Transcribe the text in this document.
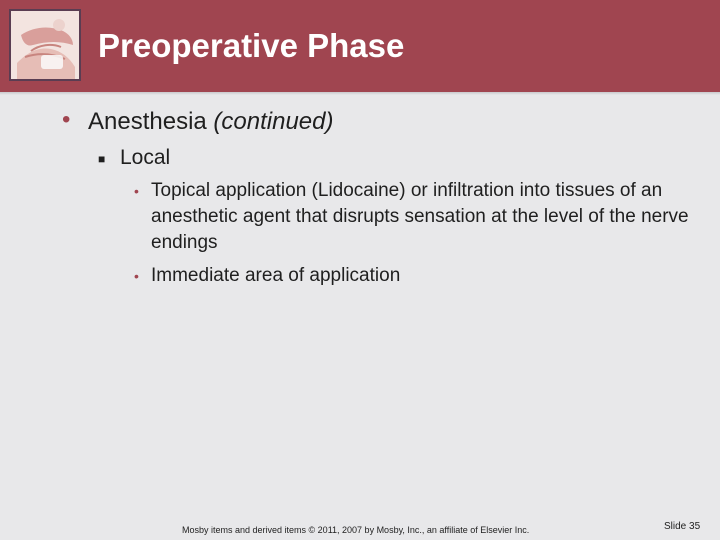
Preoperative Phase
• Anesthesia (continued)
■ Local
• Topical application (Lidocaine) or infiltration into tissues of an anesthetic agent that disrupts sensation at the level of the nerve endings
• Immediate area of application
Mosby items and derived items © 2011, 2007 by Mosby, Inc., an affiliate of Elsevier Inc.	Slide 35
